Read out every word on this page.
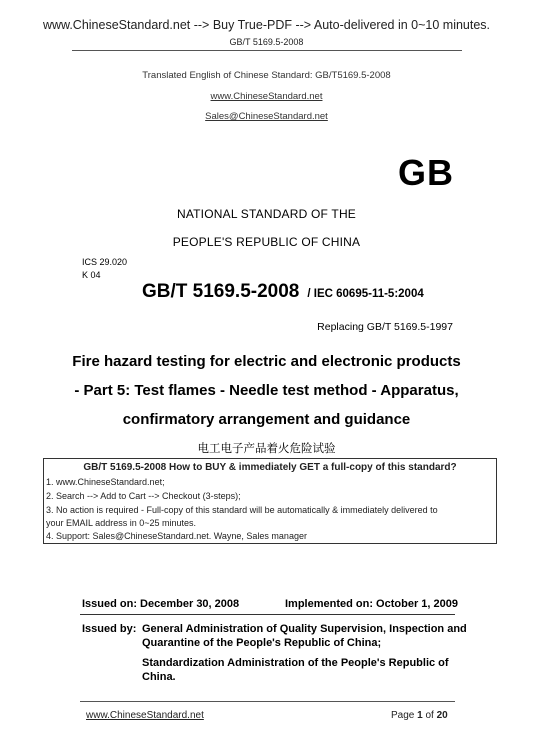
www.ChineseStandard.net --> Buy True-PDF --> Auto-delivered in 0~10 minutes.
GB/T 5169.5-2008
Translated English of Chinese Standard: GB/T5169.5-2008
www.ChineseStandard.net
Sales@ChineseStandard.net
GB
NATIONAL STANDARD OF THE
PEOPLE'S REPUBLIC OF CHINA
ICS 29.020
K 04
GB/T 5169.5-2008 / IEC 60695-11-5:2004
Replacing GB/T 5169.5-1997
Fire hazard testing for electric and electronic products
- Part 5: Test flames - Needle test method - Apparatus,
confirmatory arrangement and guidance
电工电子产品着火危险试验
GB/T 5169.5-2008 How to BUY & immediately GET a full-copy of this standard?
1. www.ChineseStandard.net;
2. Search --> Add to Cart --> Checkout (3-steps);
3. No action is required - Full-copy of this standard will be automatically & immediately delivered to
your EMAIL address in 0~25 minutes.
4. Support: Sales@ChineseStandard.net. Wayne, Sales manager
Issued on: December 30, 2008	Implemented on: October 1, 2009
Issued by: General Administration of Quality Supervision, Inspection and
Quarantine of the People's Republic of China;
Standardization Administration of the People's Republic of
China.
www.ChineseStandard.net	Page 1 of 20
